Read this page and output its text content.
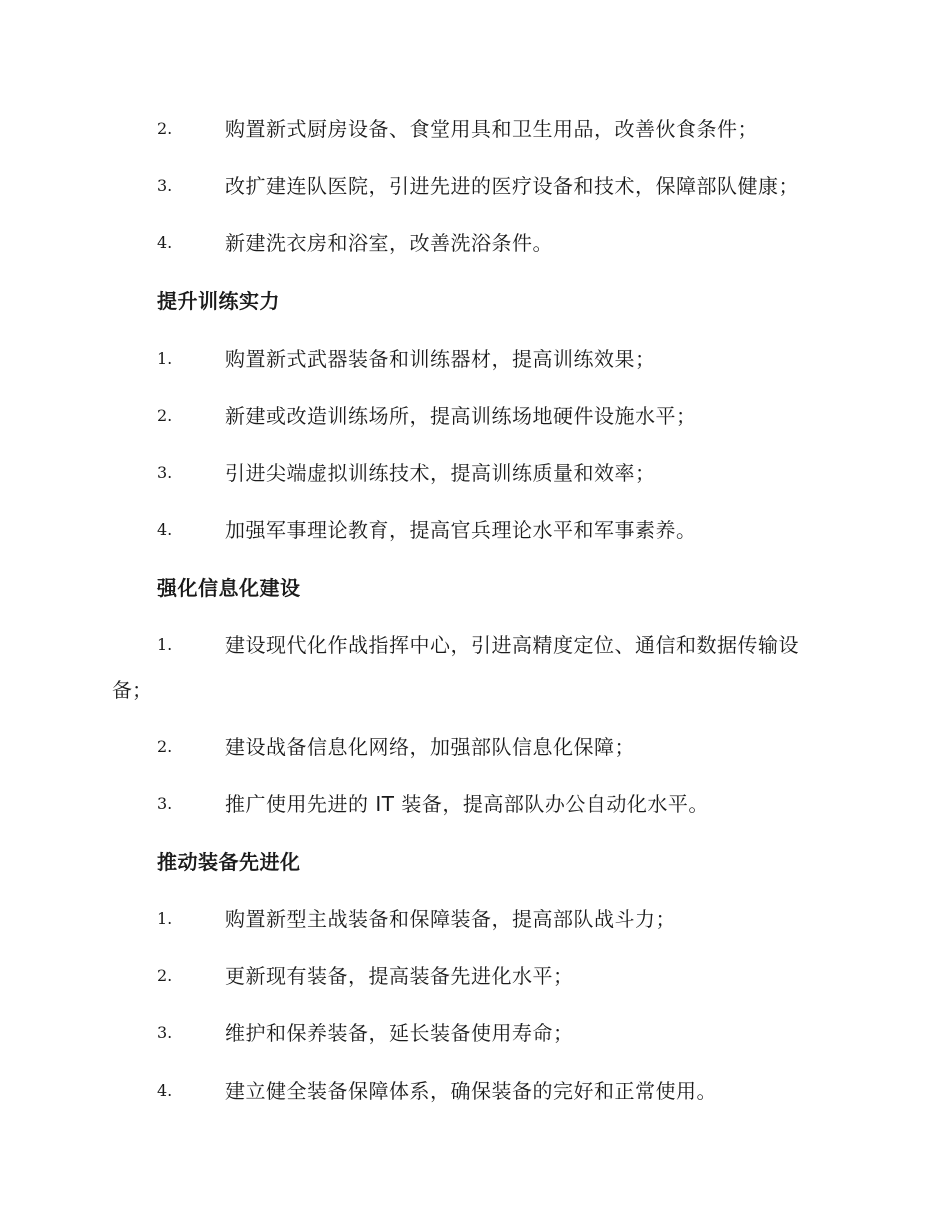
2.	购置新式厨房设备、食堂用具和卫生用品，改善伙食条件；
3.	改扩建连队医院，引进先进的医疗设备和技术，保障部队健康；
4.	新建洗衣房和浴室，改善洗浴条件。
提升训练实力
1.	购置新式武器装备和训练器材，提高训练效果；
2.	新建或改造训练场所，提高训练场地硬件设施水平；
3.	引进尖端虚拟训练技术，提高训练质量和效率；
4.	加强军事理论教育，提高官兵理论水平和军事素养。
强化信息化建设
1.	建设现代化作战指挥中心，引进高精度定位、通信和数据传输设
备；
2.	建设战备信息化网络，加强部队信息化保障；
3.	推广使用先进的 IT 装备，提高部队办公自动化水平。
推动装备先进化
1.	购置新型主战装备和保障装备，提高部队战斗力；
2.	更新现有装备，提高装备先进化水平；
3.	维护和保养装备，延长装备使用寿命；
4.	建立健全装备保障体系，确保装备的完好和正常使用。
